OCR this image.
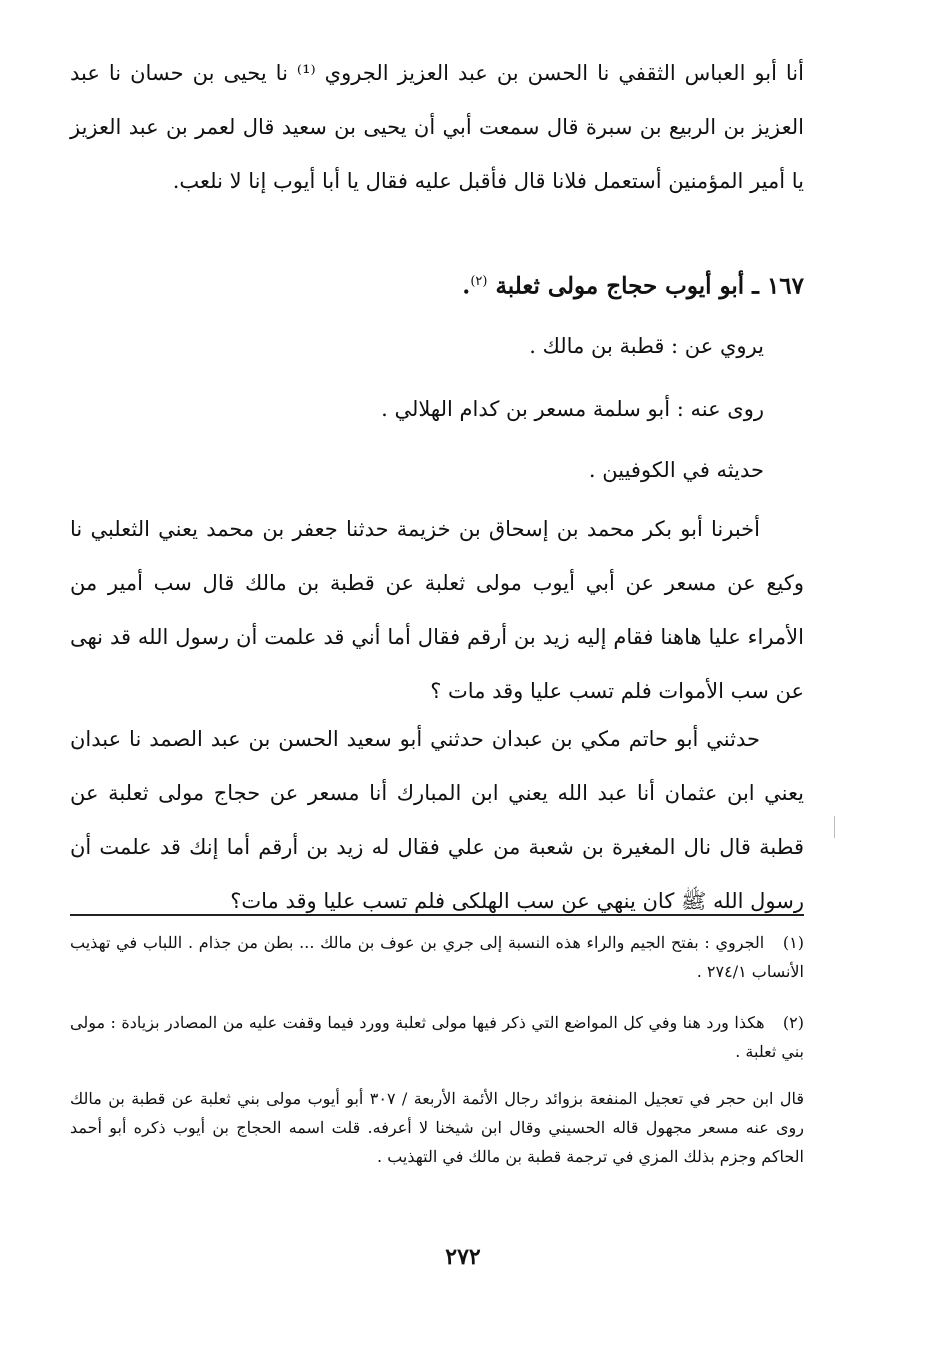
أنا أبو العباس الثقفي نا الحسن بن عبد العزيز الجروي ⁽¹⁾ نا يحيى بن حسان نا عبد العزيز بن الربيع بن سبرة قال سمعت أبي أن يحيى بن سعيد قال لعمر بن عبد العزيز يا أمير المؤمنين أستعمل فلانا قال فأقبل عليه فقال يا أبا أيوب إنا لا نلعب.
١٦٧ ـ أبو أيوب حجاج مولى ثعلبة $^{(٢)}$.
يروي عن : قطبة بن مالك .
روى عنه : أبو سلمة مسعر بن كدام الهلالي .
حديثه في الكوفيين .
أخبرنا أبو بكر محمد بن إسحاق بن خزيمة حدثنا جعفر بن محمد يعني الثعلبي نا وكيع عن مسعر عن أبي أيوب مولى ثعلبة عن قطبة بن مالك قال سب أمير من الأمراء عليا هاهنا فقام إليه زيد بن أرقم فقال أما أني قد علمت أن رسول الله قد نهى عن سب الأموات فلم تسب عليا وقد مات ؟
حدثني أبو حاتم مكي بن عبدان حدثني أبو سعيد الحسن بن عبد الصمد نا عبدان يعني ابن عثمان أنا عبد الله يعني ابن المبارك أنا مسعر عن حجاج مولى ثعلبة عن قطبة قال نال المغيرة بن شعبة من علي فقال له زيد بن أرقم أما إنك قد علمت أن رسول الله ﷺ كان ينهي عن سب الهلكى فلم تسب عليا وقد مات؟
(١) الجروي : بفتح الجيم والراء هذه النسبة إلى جري بن عوف بن مالك ... بطن من جذام . اللباب في تهذيب الأنساب ٢٧٤/١ .
(٢) هكذا ورد هنا وفي كل المواضع التي ذكر فيها مولى ثعلبة وورد فيما وقفت عليه من المصادر بزيادة : مولى بني ثعلبة .
قال ابن حجر في تعجيل المنفعة بزوائد رجال الأئمة الأربعة / ٣٠٧ أبو أيوب مولى بني ثعلبة عن قطبة بن مالك روى عنه مسعر مجهول قاله الحسيني وقال ابن شيخنا لا أعرفه. قلت اسمه الحجاج بن أيوب ذكره أبو أحمد الحاكم وجزم بذلك المزي في ترجمة قطبة بن مالك في التهذيب .
٢٧٢
